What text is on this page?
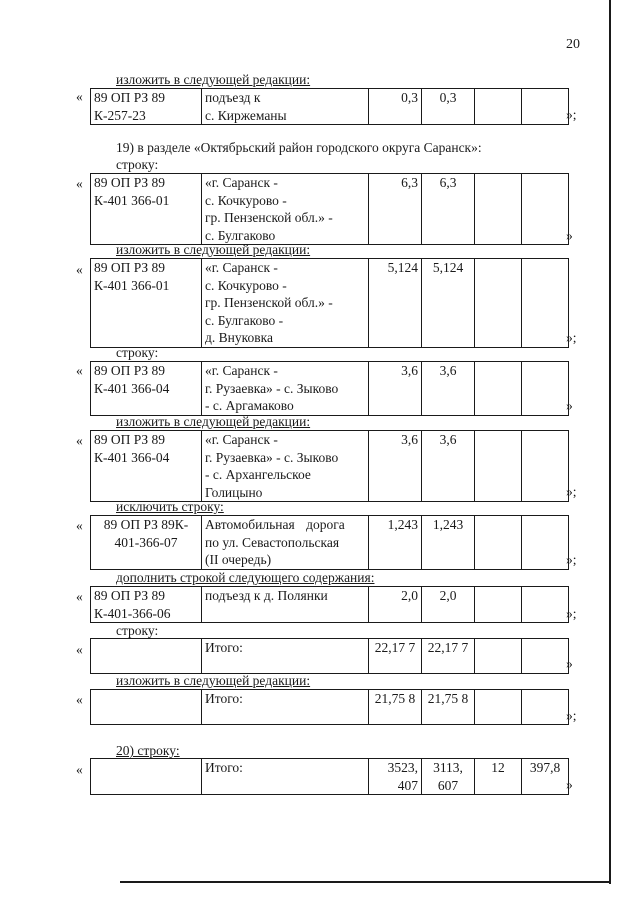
20
изложить в следующей редакции:
« 89 ОП РЗ 89
К-257-23

подъезд к
с. Киржеманы
	0,3	0,3		
»;
19) в разделе «Октябрьский район городского округа Саранск»:
строку:
« 89 ОП РЗ 89
К-401 366-01

«г. Саранск -
с. Кочкурово -
гр. Пензенской обл.» -
с. Булгаково
	6,3	6,3		
»
изложить в следующей редакции:
« 89 ОП РЗ 89
К-401 366-01

«г. Саранск -
с. Кочкурово -
гр. Пензенской обл.» -
с. Булгаково -
д. Внуковка
	5,124	5,124		
»;
строку:
« 89 ОП РЗ 89
К-401 366-04

«г. Саранск -
г. Рузаевка» - с. Зыково
- с. Аргамаково
	3,6	3,6		
»
изложить в следующей редакции:
« 89 ОП РЗ 89
К-401 366-04

«г. Саранск -
г. Рузаевка» - с. Зыково
- с. Архангельское
Голицыно
	3,6	3,6		
»;
исключить строку:
«	89 ОП РЗ 89К-
401-366-07

Автомобильная дорога
по ул. Севастопольская
(II очередь)
	1,243	1,243		
»;
дополнить строкой следующего содержания:
« 89 ОП РЗ 89
К-401-366-06

подъезд к д. Полянки	2,0	2,0		
»;
строку:
«
		Итого:	22,17 7	22,17 7		
»
изложить в следующей редакции:
«
		Итого:	21,75 8	21,75 8		
»;
20) строку:
«
		Итого:	3523, 407	3113, 607	12	397,8
»
